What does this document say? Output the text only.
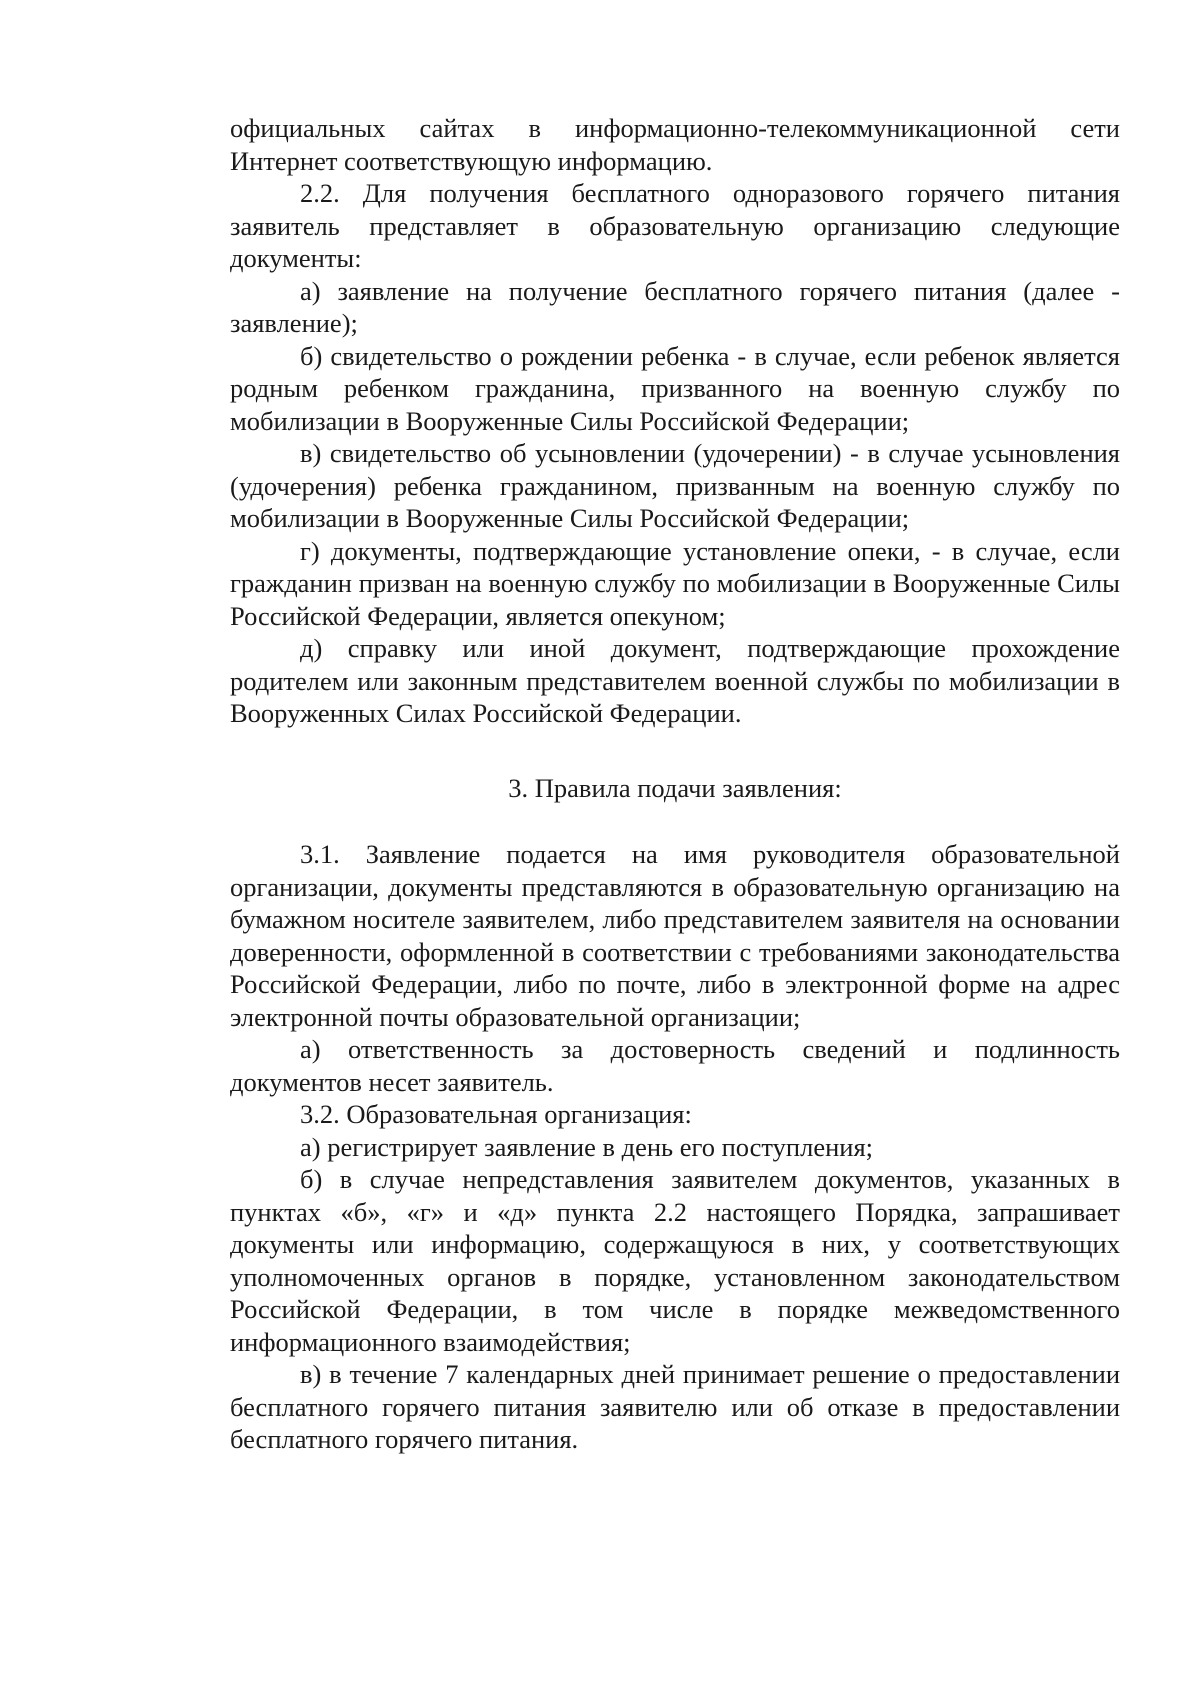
официальных сайтах в информационно-телекоммуникационной сети Интернет соответствующую информацию.

2.2. Для получения бесплатного одноразового горячего питания заявитель представляет в образовательную организацию следующие документы:

а) заявление на получение бесплатного горячего питания (далее - заявление);

б) свидетельство о рождении ребенка - в случае, если ребенок является родным ребенком гражданина, призванного на военную службу по мобилизации в Вооруженные Силы Российской Федерации;

в) свидетельство об усыновлении (удочерении) - в случае усыновления (удочерения) ребенка гражданином, призванным на военную службу по мобилизации в Вооруженные Силы Российской Федерации;

г) документы, подтверждающие установление опеки, - в случае, если гражданин призван на военную службу по мобилизации в Вооруженные Силы Российской Федерации, является опекуном;

д) справку или иной документ, подтверждающие прохождение родителем или законным представителем военной службы по мобилизации в Вооруженных Силах Российской Федерации.

3. Правила подачи заявления:

3.1. Заявление подается на имя руководителя образовательной организации, документы представляются в образовательную организацию на бумажном носителе заявителем, либо представителем заявителя на основании доверенности, оформленной в соответствии с требованиями законодательства Российской Федерации, либо по почте, либо в электронной форме на адрес электронной почты образовательной организации;

а) ответственность за достоверность сведений и подлинность документов несет заявитель.

3.2. Образовательная организация:

а) регистрирует заявление в день его поступления;

б) в случае непредставления заявителем документов, указанных в пунктах «б», «г» и «д» пункта 2.2 настоящего Порядка, запрашивает документы или информацию, содержащуюся в них, у соответствующих уполномоченных органов в порядке, установленном законодательством Российской Федерации, в том числе в порядке межведомственного информационного взаимодействия;

в) в течение 7 календарных дней принимает решение о предоставлении бесплатного горячего питания заявителю или об отказе в предоставлении бесплатного горячего питания.
